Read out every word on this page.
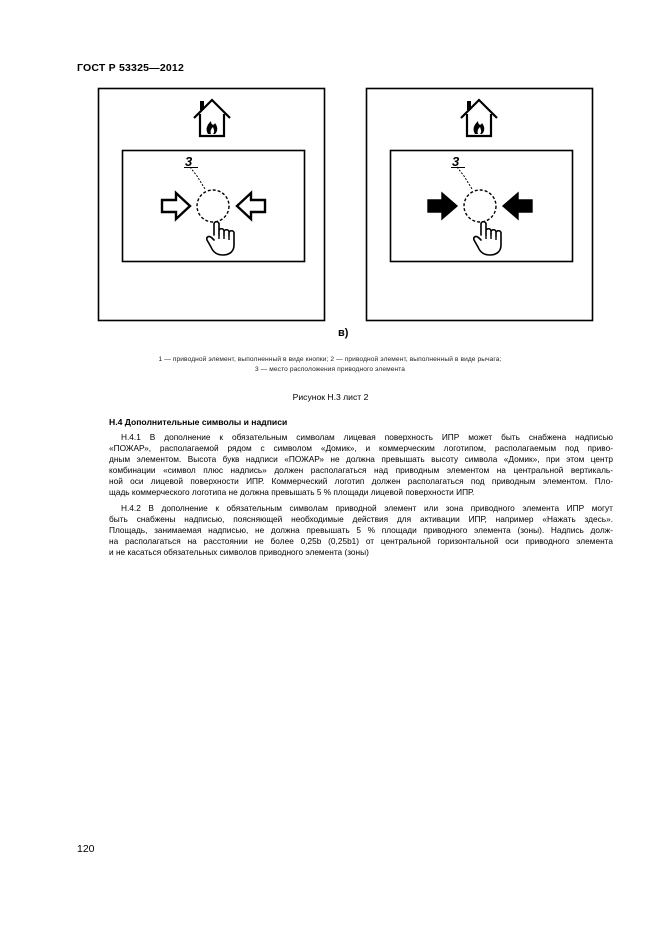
ГОСТ Р 53325—2012
3	3
в)
1 — приводной элемент, выполненный в виде кнопки; 2 — приводной элемент, выполненный в виде рычага;
3 — место расположения приводного элемента
Рисунок Н.3 лист 2
Н.4 Дополнительные символы и надписи
Н.4.1 В дополнение к обязательным символам лицевая поверхность ИПР может быть снабжена надписью
«ПОЖАР», располагаемой рядом с символом «Домик», и коммерческим логотипом, располагаемым под приво-
дным элементом. Высота букв надписи «ПОЖАР» не должна превышать высоту символа «Домик», при этом центр
комбинации «символ плюс надпись» должен располагаться над приводным элементом на центральной вертикаль-
ной оси лицевой поверхности ИПР. Коммерческий логотип должен располагаться под приводным элементом. Пло-
щадь коммерческого логотипа не должна превышать 5 % площади лицевой поверхности ИПР.
Н.4.2 В дополнение к обязательным символам приводной элемент или зона приводного элемента ИПР могут
быть снабжены надписью, поясняющей необходимые действия для активации ИПР, например «Нажать здесь».
Площадь, занимаемая надписью, не должна превышать 5 % площади приводного элемента (зоны). Надпись долж-
на располагаться на расстоянии не более 0,25b (0,25b1) от центральной горизонтальной оси приводного элемента
и не касаться обязательных символов приводного элемента (зоны)
120
